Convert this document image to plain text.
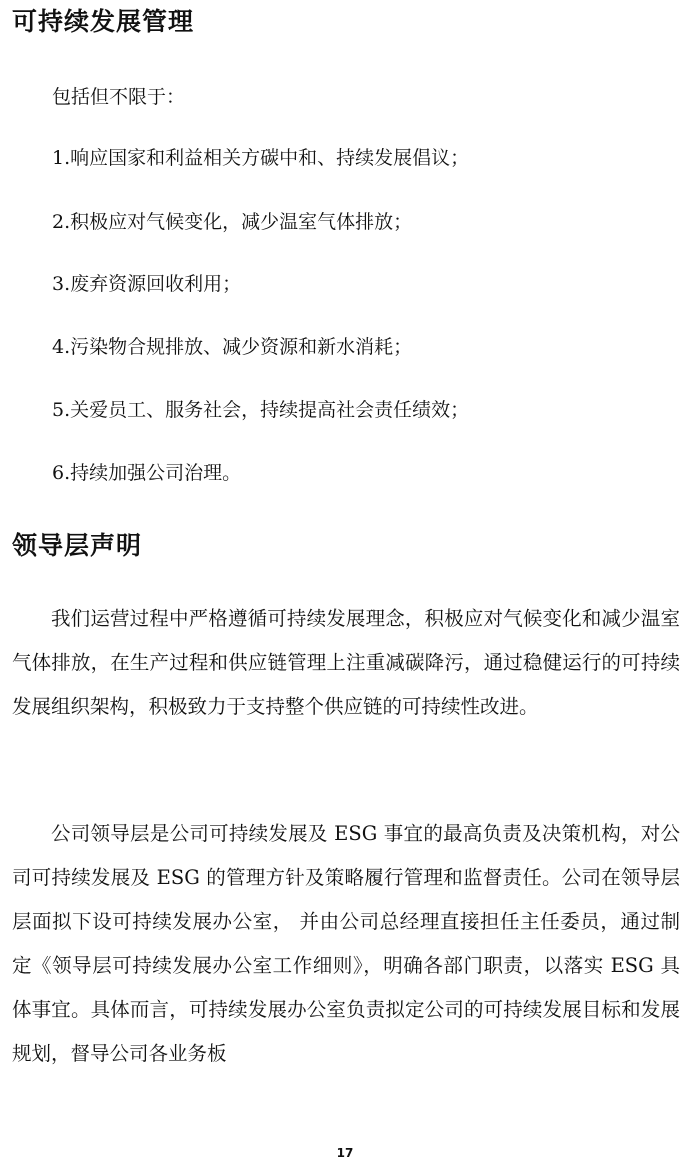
可持续发展管理

包括但不限于：

1.响应国家和利益相关方碳中和、持续发展倡议；

2.积极应对气候变化，减少温室气体排放；

3.废弃资源回收利用；

4.污染物合规排放、减少资源和新水消耗；

5.关爱员工、服务社会，持续提高社会责任绩效；

6.持续加强公司治理。

领导层声明

我们运营过程中严格遵循可持续发展理念，积极应对气候变化和减少温室气体排放，在生产过程和供应链管理上注重减碳降污，通过稳健运行的可持续发展组织架构，积极致力于支持整个供应链的可持续性改进。

公司领导层是公司可持续发展及 ESG 事宜的最高负责及决策机构，对公司可持续发展及 ESG 的管理方针及策略履行管理和监督责任。公司在领导层层面拟下设可持续发展办公室， 并由公司总经理直接担任主任委员，通过制定《领导层可持续发展办公室工作细则》，明确各部门职责，以落实 ESG 具体事宜。具体而言，可持续发展办公室负责拟定公司的可持续发展目标和发展规划，督导公司各业务板

17
